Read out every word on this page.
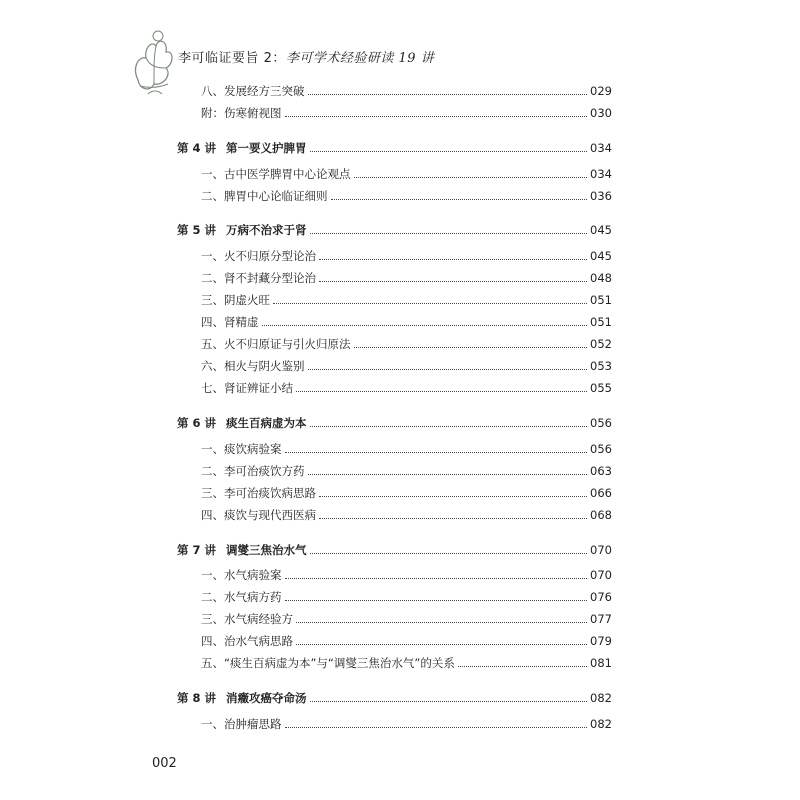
李可临证要旨 2：李可学术经验研读 19 讲
八、发展经方三突破	029
附：伤寒俯视图	030
第 4 讲 第一要义护脾胃	034
一、古中医学脾胃中心论观点	034
二、脾胃中心论临证细则	036
第 5 讲 万病不治求于肾	045
一、火不归原分型论治	045
二、肾不封藏分型论治	048
三、阴虚火旺	051
四、肾精虚	051
五、火不归原证与引火归原法	052
六、相火与阴火鉴别	053
七、肾证辨证小结	055
第 6 讲 痰生百病虚为本	056
一、痰饮病验案	056
二、李可治痰饮方药	063
三、李可治痰饮病思路	066
四、痰饮与现代西医病	068
第 7 讲 调燮三焦治水气	070
一、水气病验案	070
二、水气病方药	076
三、水气病经验方	077
四、治水气病思路	079
五、“痰生百病虚为本”与“调燮三焦治水气”的关系	081
第 8 讲 消癥攻癌夺命汤	082
一、治肿瘤思路	082
002
